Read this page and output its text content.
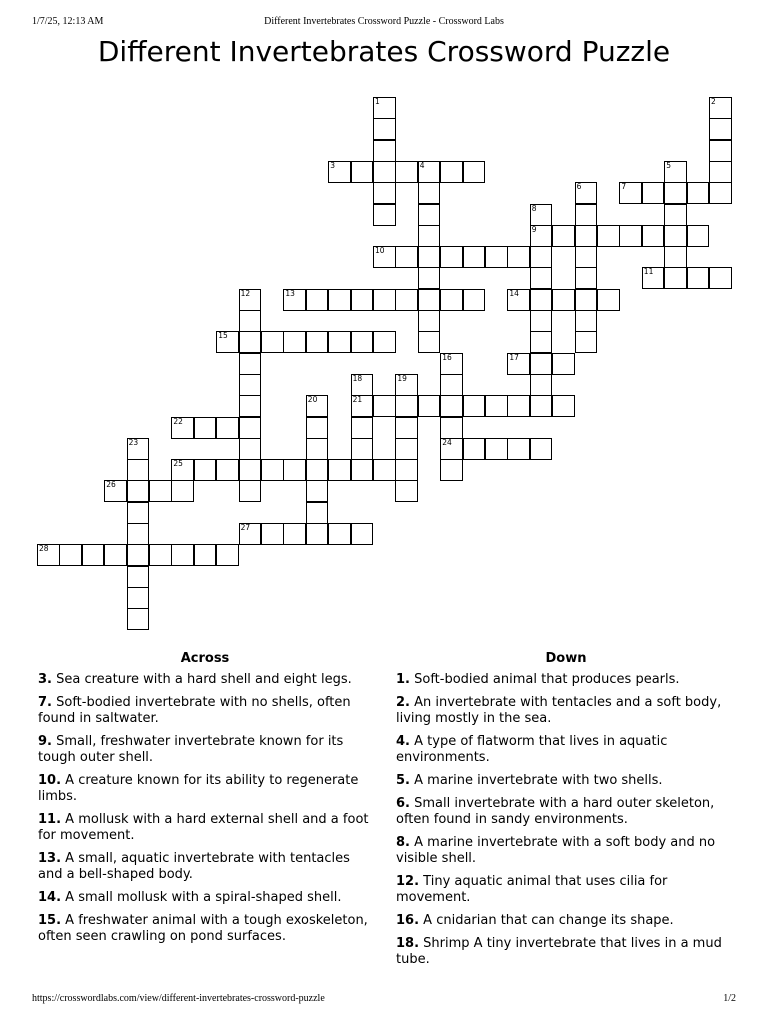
1/7/25, 12:13 AM	Different Invertebrates Crossword Puzzle - Crossword Labs
Different Invertebrates Crossword Puzzle
1	2
3	4	5
6	7
8
9
10
11
12	13	14
15
16
24
17
18
21
19
20
22
23
25
26
27
28
Across
3. Sea creature with a hard shell and eight legs.
7. Soft-bodied invertebrate with no shells, often found in saltwater.
9. Small, freshwater invertebrate known for its tough outer shell.
10. A creature known for its ability to regenerate limbs.
11. A mollusk with a hard external shell and a foot for movement.
13. A small, aquatic invertebrate with tentacles and a bell-shaped body.
14. A small mollusk with a spiral-shaped shell.
15. A freshwater animal with a tough exoskeleton, often seen crawling on pond surfaces.
Down
1. Soft-bodied animal that produces pearls.
2. An invertebrate with tentacles and a soft body, living mostly in the sea.
4. A type of flatworm that lives in aquatic environments.
5. A marine invertebrate with two shells.
6. Small invertebrate with a hard outer skeleton, often found in sandy environments.
8. A marine invertebrate with a soft body and no visible shell.
12. Tiny aquatic animal that uses cilia for movement.
16. A cnidarian that can change its shape.
18. Shrimp A tiny invertebrate that lives in a mud tube.
https://crosswordlabs.com/view/different-invertebrates-crossword-puzzle	1/2
